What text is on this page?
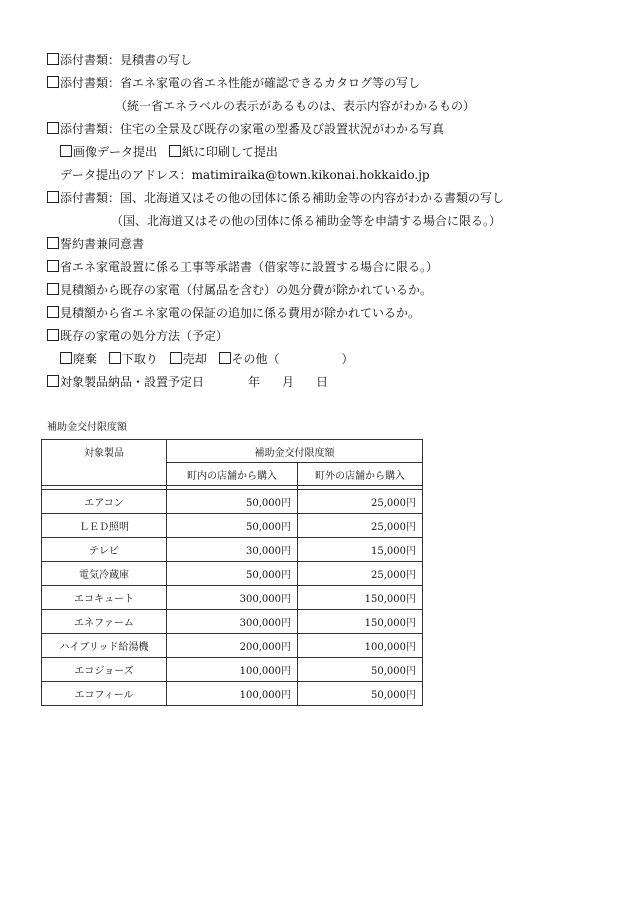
添付書類：見積書の写し
添付書類：省エネ家電の省エネ性能が確認できるカタログ等の写し
（統一省エネラベルの表示があるものは、表示内容がわかるもの）
添付書類：住宅の全景及び既存の家電の型番及び設置状況がわかる写真
画像データ提出 紙に印刷して提出
データ提出のアドレス：matimiraika@town.kikonai.hokkaido.jp
添付書類：国、北海道又はその他の団体に係る補助金等の内容がわかる書類の写し
（国、北海道又はその他の団体に係る補助金等を申請する場合に限る。）
誓約書兼同意書
省エネ家電設置に係る工事等承諾書（借家等に設置する場合に限る。）
見積額から既存の家電（付属品を含む）の処分費が除かれているか。
見積額から省エネ家電の保証の追加に係る費用が除かれているか。
既存の家電の処分方法（予定）
廃棄 下取り 売却 その他（	）
対象製品納品・設置予定日	年 月 日
補助金交付限度額
対象製品	補助金交付限度額	
	町内の店舗から購入	町外の店舗から購入

エアコン	50,000円	25,000円
ＬＥＤ照明	50,000円	25,000円
テレビ	30,000円	15,000円
電気冷蔵庫	50,000円	25,000円
エコキュート	300,000円	150,000円
エネファーム	300,000円	150,000円
ハイブリッド給湯機	200,000円	100,000円
エコジョーズ	100,000円	50,000円
エコフィール	100,000円	50,000円
